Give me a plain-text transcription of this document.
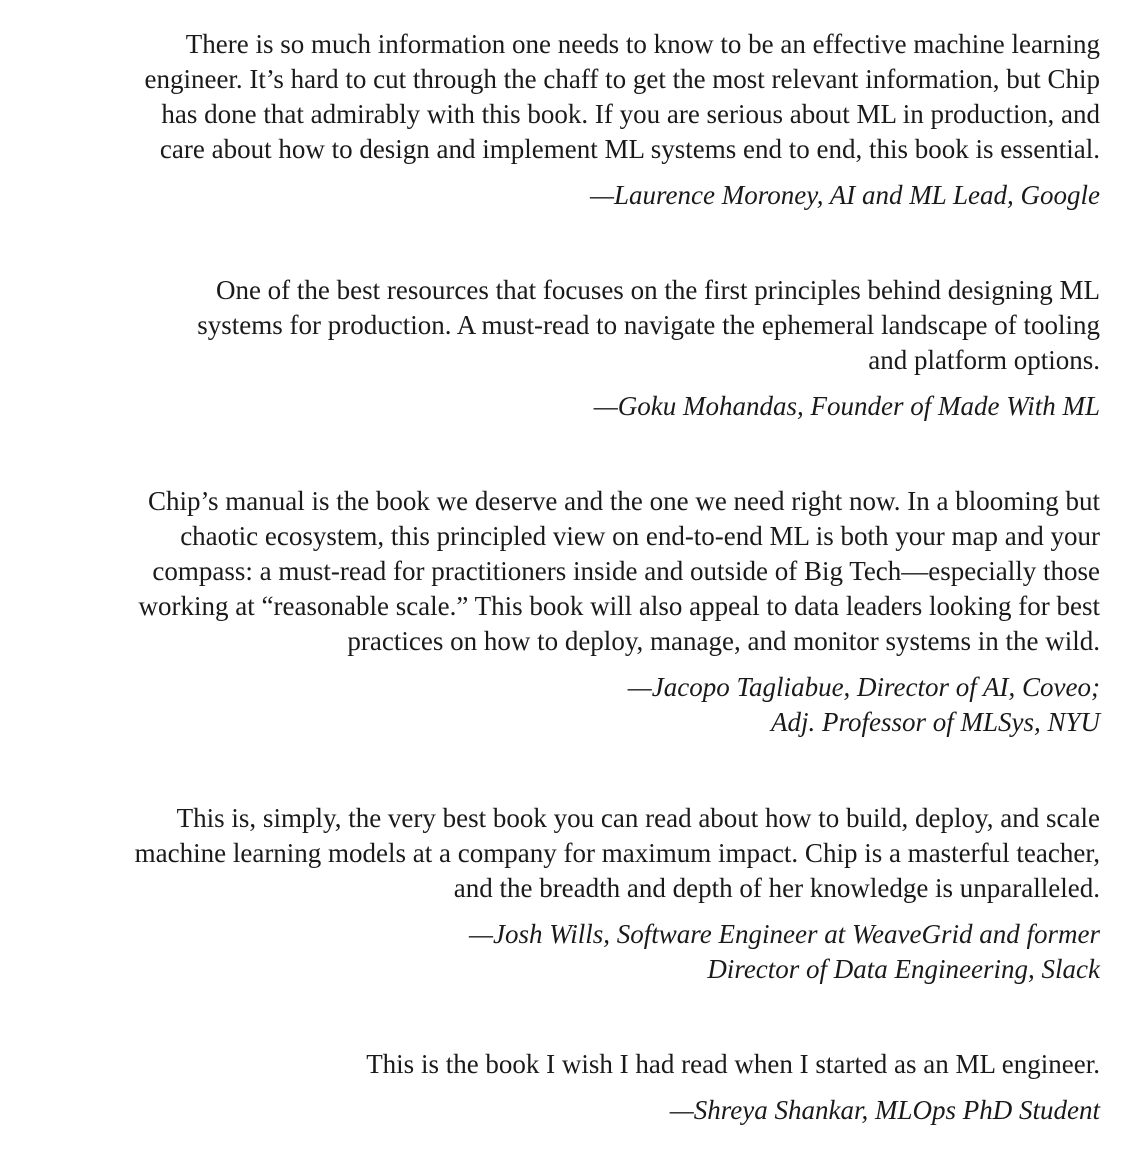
There is so much information one needs to know to be an effective machine learning
engineer. It’s hard to cut through the chaff to get the most relevant information, but Chip
has done that admirably with this book. If you are serious about ML in production, and
care about how to design and implement ML systems end to end, this book is essential.
—Laurence Moroney, AI and ML Lead, Google
One of the best resources that focuses on the first principles behind designing ML
systems for production. A must-read to navigate the ephemeral landscape of tooling
and platform options.
—Goku Mohandas, Founder of Made With ML
Chip’s manual is the book we deserve and the one we need right now. In a blooming but
chaotic ecosystem, this principled view on end-to-end ML is both your map and your
compass: a must-read for practitioners inside and outside of Big Tech—especially those
working at “reasonable scale.” This book will also appeal to data leaders looking for best
practices on how to deploy, manage, and monitor systems in the wild.
—Jacopo Tagliabue, Director of AI, Coveo;
Adj. Professor of MLSys, NYU
This is, simply, the very best book you can read about how to build, deploy, and scale
machine learning models at a company for maximum impact. Chip is a masterful teacher,
and the breadth and depth of her knowledge is unparalleled.
—Josh Wills, Software Engineer at WeaveGrid and former
Director of Data Engineering, Slack
This is the book I wish I had read when I started as an ML engineer.
—Shreya Shankar, MLOps PhD Student
